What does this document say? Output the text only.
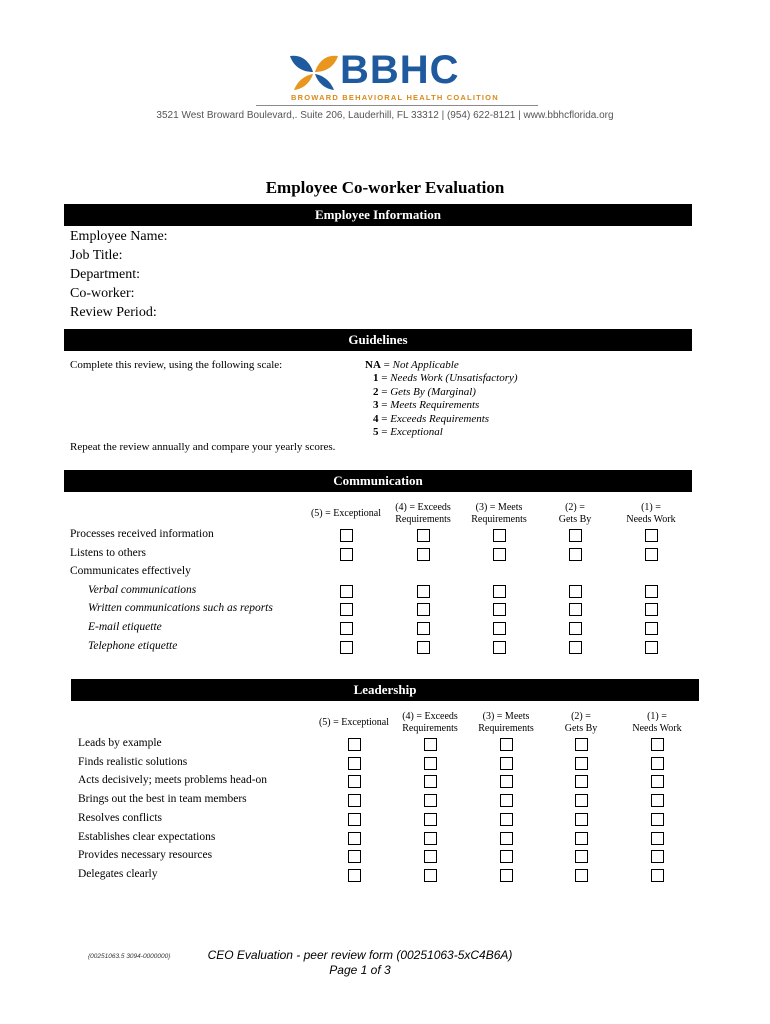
BBHC
BROWARD BEHAVIORAL HEALTH COALITION
3521 West Broward Boulevard,. Suite 206, Lauderhill, FL 33312 | (954) 622-8121 | www.bbhcflorida.org
Employee Co-worker Evaluation
Employee Information
Employee Name:
Job Title:
Department:
Co-worker:
Review Period:
Guidelines
Complete this review, using the following scale:	NA = Not Applicable
1 = Needs Work (Unsatisfactory)
2 = Gets By (Marginal)
3 = Meets Requirements
4 = Exceeds Requirements
5 = Exceptional
Repeat the review annually and compare your yearly scores.
Communication
(5) = Exceptional
(4) = Exceeds
Requirements
(3) = Meets
Requirements
(2) =
Gets By
(1) =
Needs Work
Processes received information
Listens to others
Communicates effectively
Verbal communications
Written communications such as reports
E-mail etiquette
Telephone etiquette
Leadership
(5) = Exceptional
(4) = Exceeds
Requirements
(3) = Meets
Requirements
(2) =
Gets By
(1) =
Needs Work
Leads by example
Finds realistic solutions
Acts decisively; meets problems head-on
Brings out the best in team members
Resolves conflicts
Establishes clear expectations
Provides necessary resources
Delegates clearly
{00251063.5 3094-0000000}	CEO Evaluation - peer review form (00251063-5xC4B6A)
Page 1 of 3
